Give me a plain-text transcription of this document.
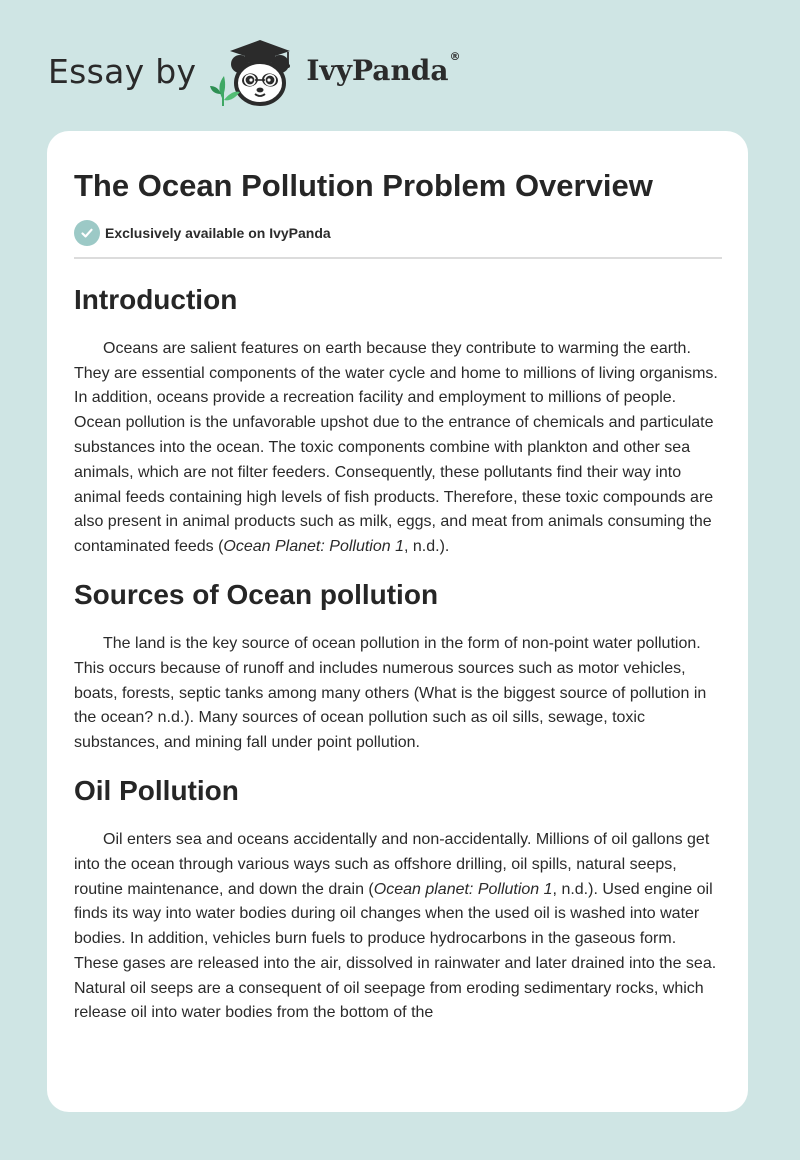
Essay by	IvyPanda®
The Ocean Pollution Problem Overview
Exclusively available on IvyPanda
Introduction

Oceans are salient features on earth because they contribute to warming the earth. They are essential components of the water cycle and home to millions of living organisms. In addition, oceans provide a recreation facility and employment to millions of people. Ocean pollution is the unfavorable upshot due to the entrance of chemicals and particulate substances into the ocean. The toxic components combine with plankton and other sea animals, which are not filter feeders. Consequently, these pollutants find their way into animal feeds containing high levels of fish products. Therefore, these toxic compounds are also present in animal products such as milk, eggs, and meat from animals consuming the contaminated feeds (Ocean Planet: Pollution 1, n.d.).

Sources of Ocean pollution

The land is the key source of ocean pollution in the form of non-point water pollution. This occurs because of runoff and includes numerous sources such as motor vehicles, boats, forests, septic tanks among many others (What is the biggest source of pollution in the ocean? n.d.). Many sources of ocean pollution such as oil sills, sewage, toxic substances, and mining fall under point pollution.

Oil Pollution

Oil enters sea and oceans accidentally and non-accidentally. Millions of oil gallons get into the ocean through various ways such as offshore drilling, oil spills, natural seeps, routine maintenance, and down the drain (Ocean planet: Pollution 1, n.d.). Used engine oil finds its way into water bodies during oil changes when the used oil is washed into water bodies. In addition, vehicles burn fuels to produce hydrocarbons in the gaseous form. These gases are released into the air, dissolved in rainwater and later drained into the sea. Natural oil seeps are a consequent of oil seepage from eroding sedimentary rocks, which release oil into water bodies from the bottom of the
